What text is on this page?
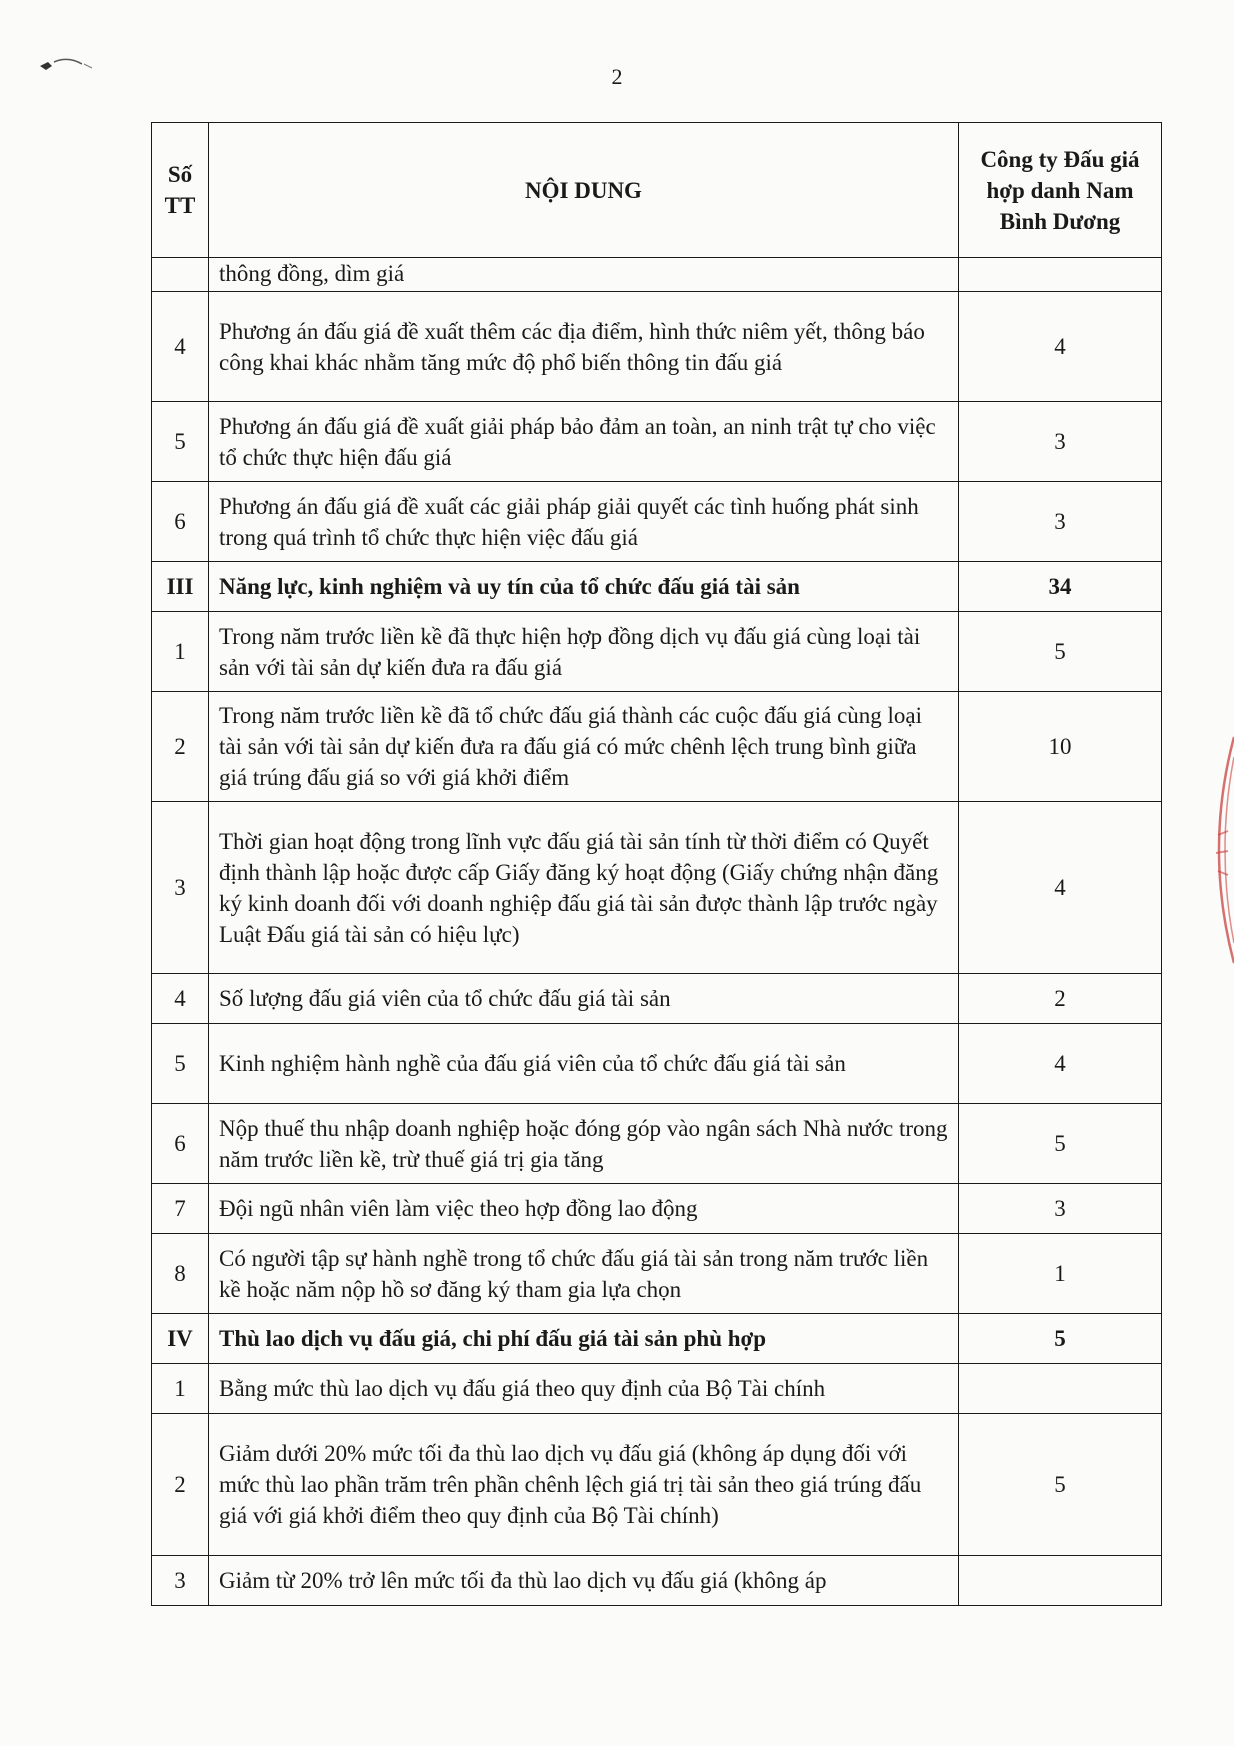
2
Số TT	NỘI DUNG	Công ty Đấu giá hợp danh Nam Bình Dương
	thông đồng, dìm giá	
4	Phương án đấu giá đề xuất thêm các địa điểm, hình thức niêm yết, thông báo công khai khác nhằm tăng mức độ phổ biến thông tin đấu giá	4
5	Phương án đấu giá đề xuất giải pháp bảo đảm an toàn, an ninh trật tự cho việc tổ chức thực hiện đấu giá	3
6	Phương án đấu giá đề xuất các giải pháp giải quyết các tình huống phát sinh trong quá trình tổ chức thực hiện việc đấu giá	3
III	Năng lực, kinh nghiệm và uy tín của tổ chức đấu giá tài sản	34
1	Trong năm trước liền kề đã thực hiện hợp đồng dịch vụ đấu giá cùng loại tài sản với tài sản dự kiến đưa ra đấu giá	5
2	Trong năm trước liền kề đã tổ chức đấu giá thành các cuộc đấu giá cùng loại tài sản với tài sản dự kiến đưa ra đấu giá có mức chênh lệch trung bình giữa giá trúng đấu giá so với giá khởi điểm	10
3	Thời gian hoạt động trong lĩnh vực đấu giá tài sản tính từ thời điểm có Quyết định thành lập hoặc được cấp Giấy đăng ký hoạt động (Giấy chứng nhận đăng ký kinh doanh đối với doanh nghiệp đấu giá tài sản được thành lập trước ngày Luật Đấu giá tài sản có hiệu lực)	4
4	Số lượng đấu giá viên của tổ chức đấu giá tài sản	2
5	Kinh nghiệm hành nghề của đấu giá viên của tổ chức đấu giá tài sản	4
6	Nộp thuế thu nhập doanh nghiệp hoặc đóng góp vào ngân sách Nhà nước trong năm trước liền kề, trừ thuế giá trị gia tăng	5
7	Đội ngũ nhân viên làm việc theo hợp đồng lao động	3
8	Có người tập sự hành nghề trong tổ chức đấu giá tài sản trong năm trước liền kề hoặc năm nộp hồ sơ đăng ký tham gia lựa chọn	1
IV	Thù lao dịch vụ đấu giá, chi phí đấu giá tài sản phù hợp	5
1	Bằng mức thù lao dịch vụ đấu giá theo quy định của Bộ Tài chính	
2	Giảm dưới 20% mức tối đa thù lao dịch vụ đấu giá (không áp dụng đối với mức thù lao phần trăm trên phần chênh lệch giá trị tài sản theo giá trúng đấu giá với giá khởi điểm theo quy định của Bộ Tài chính)	5
3	Giảm từ 20% trở lên mức tối đa thù lao dịch vụ đấu giá (không áp	
